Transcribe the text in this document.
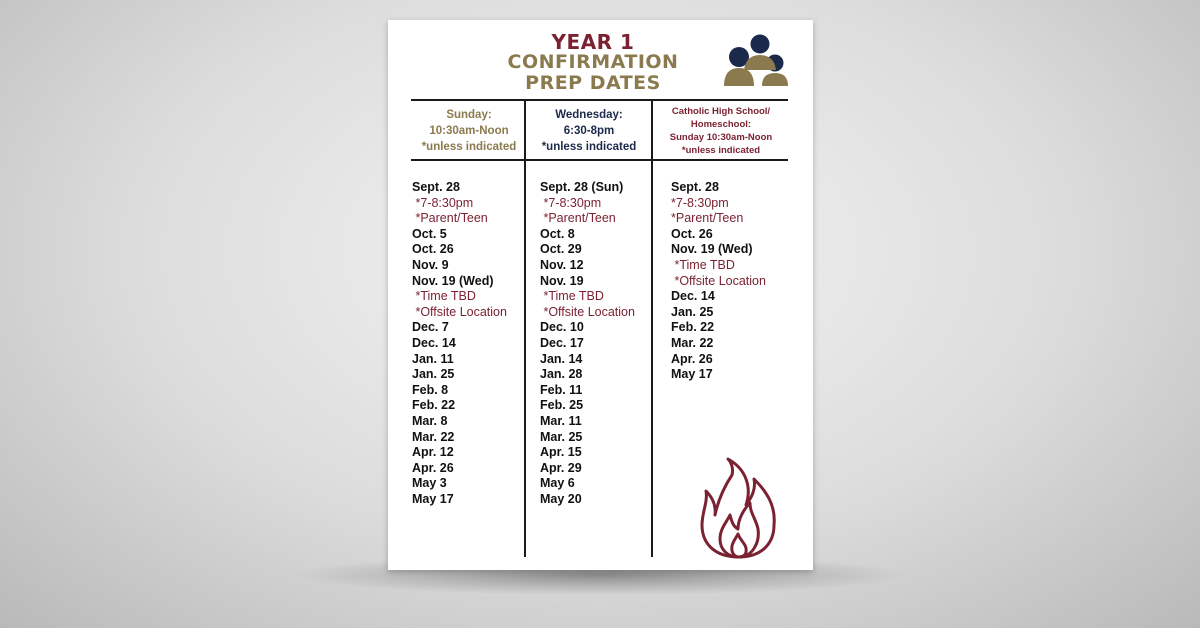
YEAR 1
CONFIRMATION
PREP DATES
Sunday:
10:30am-Noon
*unless indicated
Wednesday:
6:30-8pm
*unless indicated
Catholic High School/
Homeschool:
Sunday 10:30am-Noon
*unless indicated
Sept. 28
*7-8:30pm
*Parent/Teen
Oct. 5
Oct. 26
Nov. 9
Nov. 19 (Wed)
*Time TBD
*Offsite Location
Dec. 7
Dec. 14
Jan. 11
Jan. 25
Feb. 8
Feb. 22
Mar. 8
Mar. 22
Apr. 12
Apr. 26
May 3
May 17
Sept. 28 (Sun)
*7-8:30pm
*Parent/Teen
Oct. 8
Oct. 29
Nov. 12
Nov. 19
*Time TBD
*Offsite Location
Dec. 10
Dec. 17
Jan. 14
Jan. 28
Feb. 11
Feb. 25
Mar. 11
Mar. 25
Apr. 15
Apr. 29
May 6
May 20
Sept. 28
*7-8:30pm
*Parent/Teen
Oct. 26
Nov. 19 (Wed)
*Time TBD
*Offsite Location
Dec. 14
Jan. 25
Feb. 22
Mar. 22
Apr. 26
May 17
